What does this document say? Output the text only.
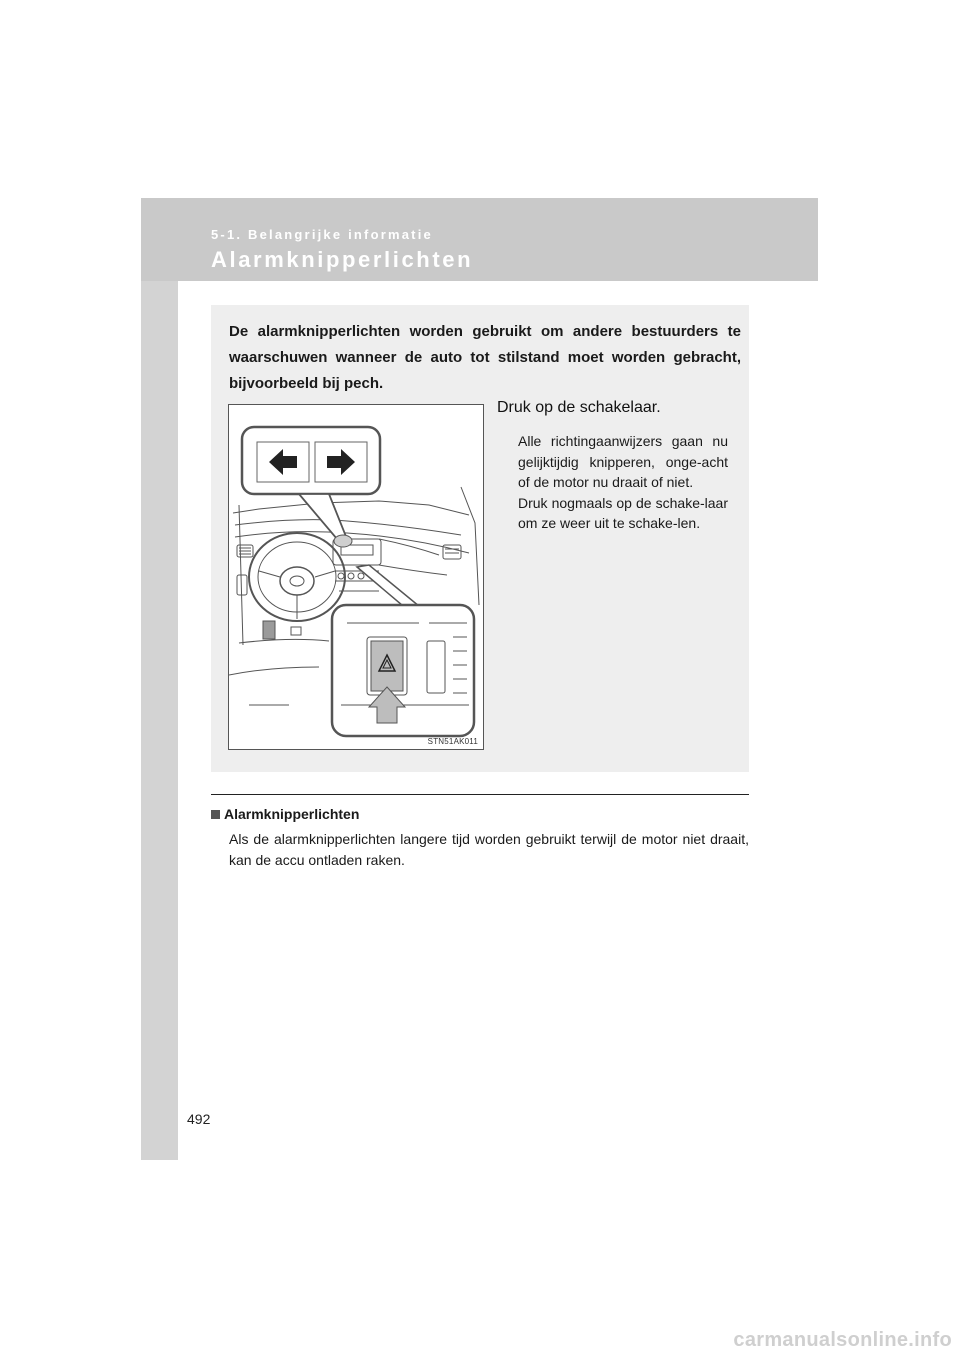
5-1. Belangrijke informatie
Alarmknipperlichten
De alarmknipperlichten worden gebruikt om andere bestuurders te waarschuwen wanneer de auto tot stilstand moet worden gebracht, bijvoorbeeld bij pech.
STN51AK011
Druk op de schakelaar.

Alle richtingaanwijzers gaan nu gelijktijdig knipperen, onge-acht of de motor nu draait of niet.

Druk nogmaals op de schake-laar om ze weer uit te schake-len.

Alarmknipperlichten
Als de alarmknipperlichten langere tijd worden gebruikt terwijl de motor niet draait, kan de accu ontladen raken.
492
carmanualsonline.info
